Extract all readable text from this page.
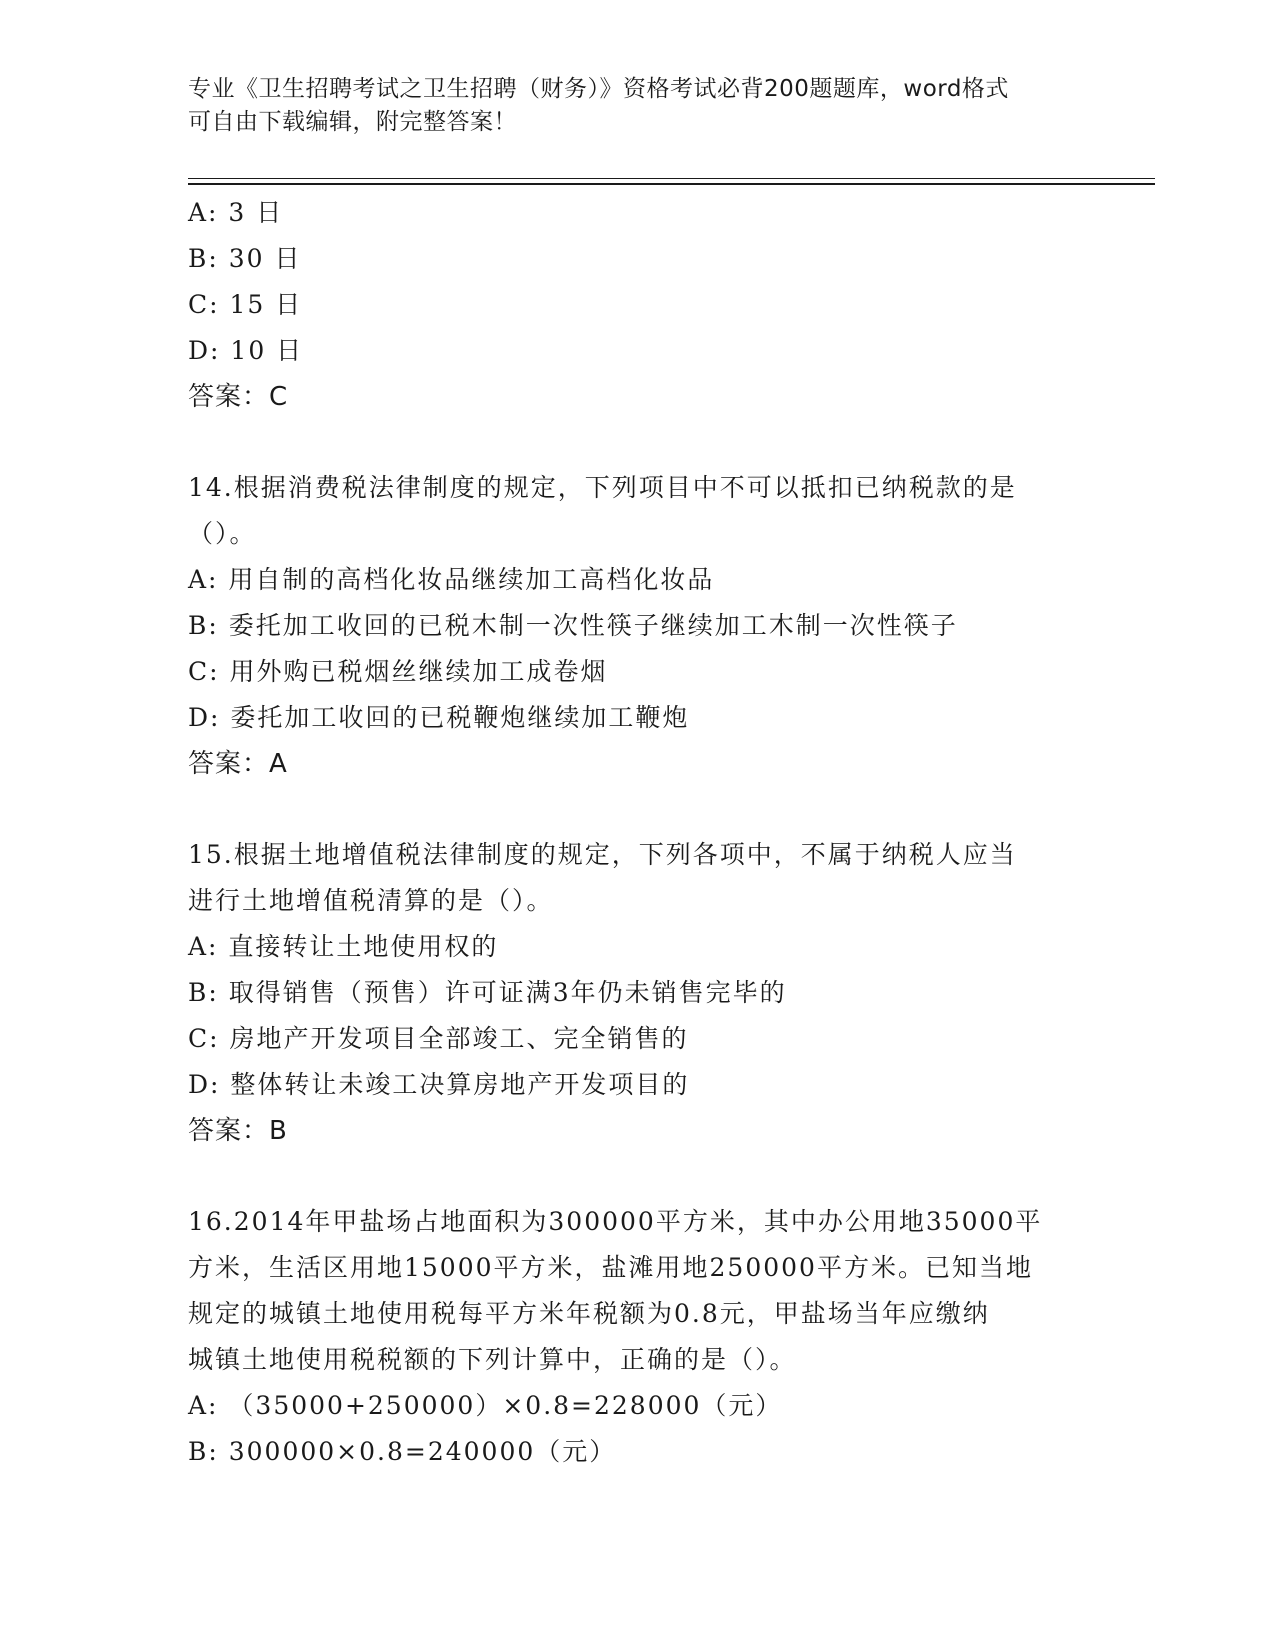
专业《卫生招聘考试之卫生招聘（财务）》资格考试必背200题题库，word格式
可自由下载编辑，附完整答案！
A: 3 日
B: 30 日
C: 15 日
D: 10 日
答案：C
14.根据消费税法律制度的规定，下列项目中不可以抵扣已纳税款的是
（）。
A: 用自制的高档化妆品继续加工高档化妆品
B: 委托加工收回的已税木制一次性筷子继续加工木制一次性筷子
C: 用外购已税烟丝继续加工成卷烟
D: 委托加工收回的已税鞭炮继续加工鞭炮
答案：A
15.根据土地增值税法律制度的规定，下列各项中，不属于纳税人应当
进行土地增值税清算的是（）。
A: 直接转让土地使用权的
B: 取得销售（预售）许可证满3年仍未销售完毕的
C: 房地产开发项目全部竣工、完全销售的
D: 整体转让未竣工决算房地产开发项目的
答案：B
16.2014年甲盐场占地面积为300000平方米，其中办公用地35000平
方米，生活区用地15000平方米，盐滩用地250000平方米。已知当地
规定的城镇土地使用税每平方米年税额为0.8元，甲盐场当年应缴纳
城镇土地使用税税额的下列计算中，正确的是（）。
A: （35000+250000）×0.8=228000（元）
B: 300000×0.8=240000（元）
